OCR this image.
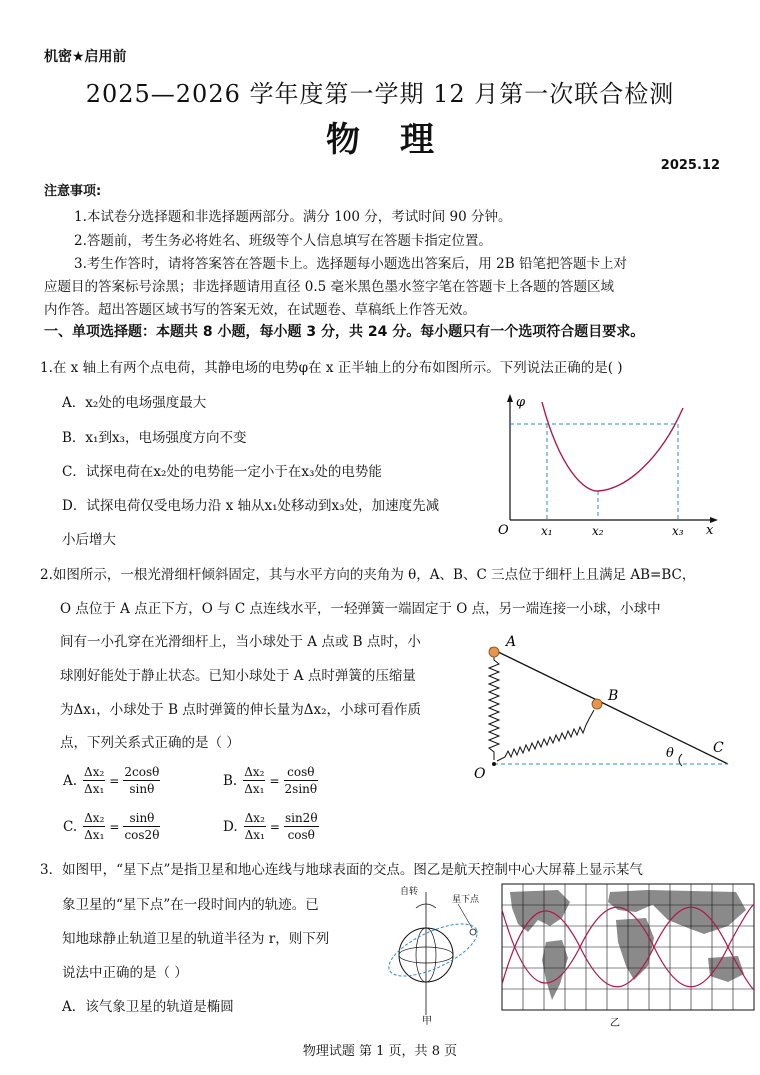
机密★启用前
2025—2026 学年度第一学期 12 月第一次联合检测
物理
2025.12
注意事项:
1.本试卷分选择题和非选择题两部分。满分 100 分，考试时间 90 分钟。
2.答题前，考生务必将姓名、班级等个人信息填写在答题卡指定位置。
3.考生作答时，请将答案答在答题卡上。选择题每小题选出答案后，用 2B 铅笔把答题卡上对
应题目的答案标号涂黑；非选择题请用直径 0.5 毫米黑色墨水签字笔在答题卡上各题的答题区域
内作答。超出答题区域书写的答案无效，在试题卷、草稿纸上作答无效。
一、单项选择题：本题共 8 小题，每小题 3 分，共 24 分。每小题只有一个选项符合题目要求。
1.在 x 轴上有两个点电荷，其静电场的电势φ在 x 正半轴上的分布如图所示。下列说法正确的是( )
A．x₂处的电场强度最大
B．x₁到x₃，电场强度方向不变
C．试探电荷在x₂处的电势能一定小于在x₃处的电势能
D．试探电荷仅受电场力沿 x 轴从x₁处移动到x₃处，加速度先减
小后增大
φ
O	x
x₁	x₂	x₃
2.如图所示，一根光滑细杆倾斜固定，其与水平方向的夹角为 θ，A、B、C 三点位于细杆上且满足 AB=BC，
O 点位于 A 点正下方，O 与 C 点连线水平，一轻弹簧一端固定于 O 点，另一端连接一小球，小球中
间有一小孔穿在光滑细杆上，当小球处于 A 点或 B 点时，小
球刚好能处于静止状态。已知小球处于 A 点时弹簧的压缩量
为Δx₁，小球处于 B 点时弹簧的伸长量为Δx₂，小球可看作质
点，下列关系式正确的是（ ）
A.	Δx₂	=	2cosθ
	Δx₁		sinθ
B.	Δx₂	=	cosθ
	Δx₁		2sinθ
C.	Δx₂	=	sinθ
	Δx₁		cos2θ
D.	Δx₂	=	sin2θ
	Δx₁		cosθ
A
B
C
O
θ
3．如图甲，“星下点”是指卫星和地心连线与地球表面的交点。图乙是航天控制中心大屏幕上显示某气
象卫星的“星下点”在一段时间内的轨迹。已
知地球静止轨道卫星的轨道半径为 r，则下列
说法中正确的是（ ）
A．该气象卫星的轨道是椭圆
自转
星下点
甲	乙
物理试题 第 1 页，共 8 页
